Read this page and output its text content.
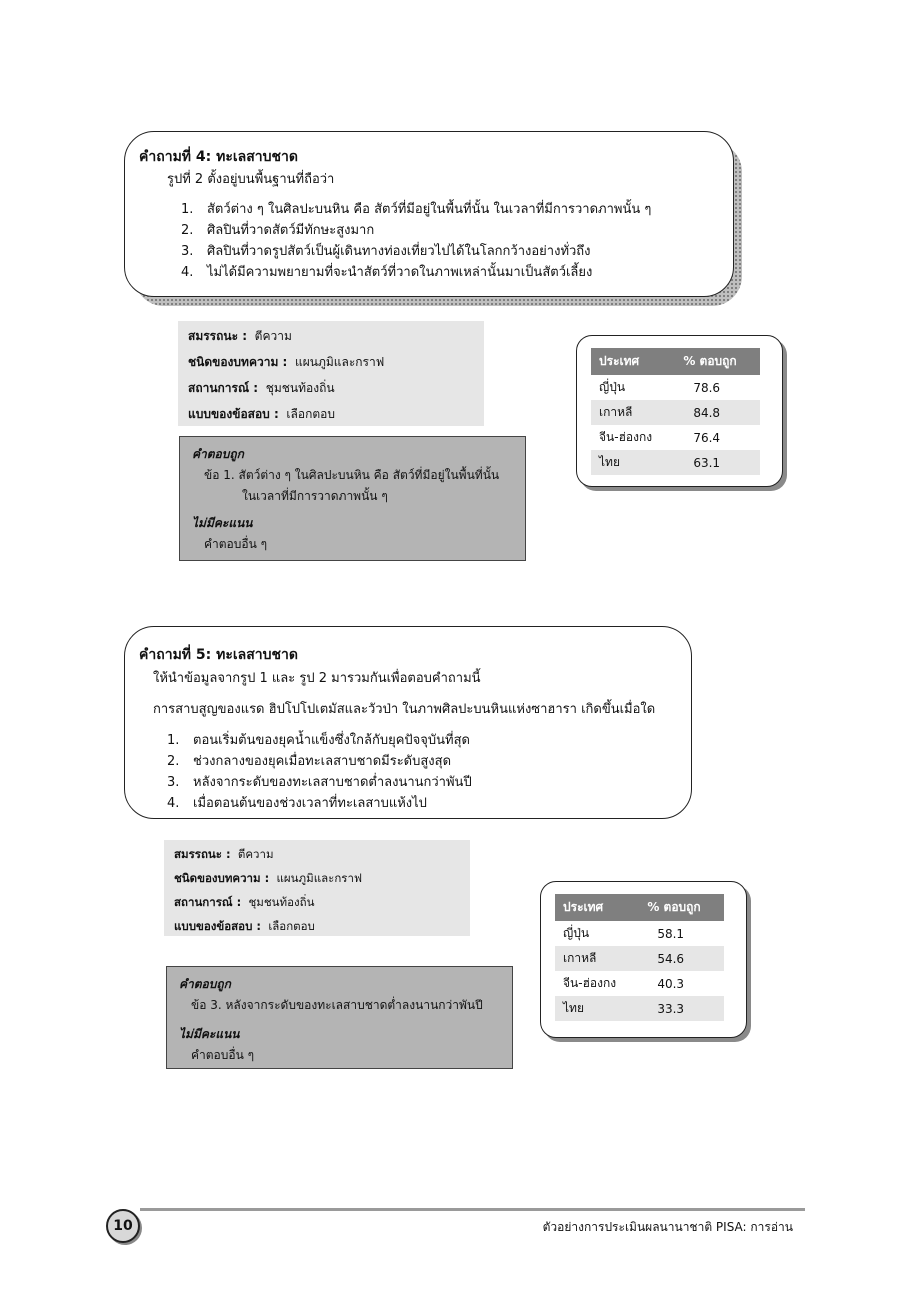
คำถามที่ 4: ทะเลสาบชาด
รูปที่ 2 ตั้งอยู่บนพื้นฐานที่ถือว่า
1. สัตว์ต่าง ๆ ในศิลปะบนหิน คือ สัตว์ที่มีอยู่ในพื้นที่นั้น ในเวลาที่มีการวาดภาพนั้น ๆ
2. ศิลปินที่วาดสัตว์มีทักษะสูงมาก
3. ศิลปินที่วาดรูปสัตว์เป็นผู้เดินทางท่องเที่ยวไปได้ในโลกกว้างอย่างทั่วถึง
4. ไม่ได้มีความพยายามที่จะนำสัตว์ที่วาดในภาพเหล่านั้นมาเป็นสัตว์เลี้ยง
สมรรถนะ : ตีความ
ชนิดของบทความ : แผนภูมิและกราฟ
สถานการณ์ : ชุมชนท้องถิ่น
แบบของข้อสอบ : เลือกตอบ
คำตอบถูก
ข้อ 1. สัตว์ต่าง ๆ ในศิลปะบนหิน คือ สัตว์ที่มีอยู่ในพื้นที่นั้น
ในเวลาที่มีการวาดภาพนั้น ๆ
ไม่มีคะแนน
คำตอบอื่น ๆ
ประเทศ	% ตอบถูก
ญี่ปุ่น	78.6
เกาหลี	84.8
จีน-ฮ่องกง	76.4
ไทย	63.1
คำถามที่ 5: ทะเลสาบชาด
ให้นำข้อมูลจากรูป 1 และ รูป 2 มารวมกันเพื่อตอบคำถามนี้
การสาบสูญของแรด ฮิปโปโปเตมัสและวัวป่า ในภาพศิลปะบนหินแห่งซาฮารา เกิดขึ้นเมื่อใด
1. ตอนเริ่มต้นของยุคน้ำแข็งซึ่งใกล้กับยุคปัจจุบันที่สุด
2. ช่วงกลางของยุคเมื่อทะเลสาบชาดมีระดับสูงสุด
3. หลังจากระดับของทะเลสาบชาดต่ำลงนานกว่าพันปี
4. เมื่อตอนต้นของช่วงเวลาที่ทะเลสาบแห้งไป
สมรรถนะ : ตีความ
ชนิดของบทความ : แผนภูมิและกราฟ
สถานการณ์ : ชุมชนท้องถิ่น
แบบของข้อสอบ : เลือกตอบ
คำตอบถูก
ข้อ 3. หลังจากระดับของทะเลสาบชาดต่ำลงนานกว่าพันปี
ไม่มีคะแนน
คำตอบอื่น ๆ
ประเทศ	% ตอบถูก
ญี่ปุ่น	58.1
เกาหลี	54.6
จีน-ฮ่องกง	40.3
ไทย	33.3
10	ตัวอย่างการประเมินผลนานาชาติ PISA: การอ่าน
